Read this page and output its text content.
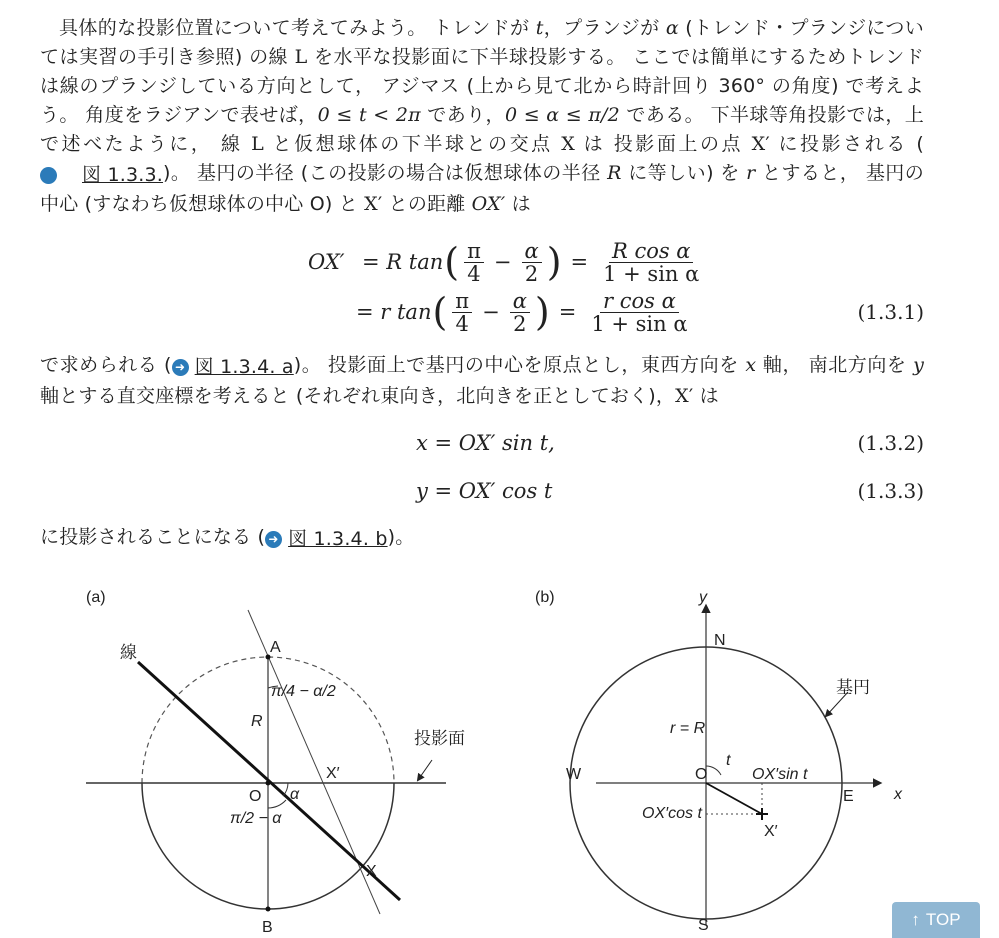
具体的な投影位置について考えてみよう。 トレンドが t，プランジが α (トレンド・プランジについては実習の手引き参照) の線 L を水平な投影面に下半球投影する。 ここでは簡単にするためトレンドは線のプランジしている方向として， アジマス (上から見て北から時計回り 360° の角度) で考えよう。 角度をラジアンで表せば，0 ≤ t < 2π であり，0 ≤ α ≤ π/2 である。 下半球等角投影では，上で述べたように， 線 L と仮想球体の下半球との交点 X は 投影面上の点 X′ に投影される (
➜ 図 1.3.3. )。 基円の半径 (この投影の場合は仮想球体の半径 R に等しい) を r とすると， 基円の中心 (すなわち仮想球体の中心 O) と X′ との距離 OX′ は

OX′ = R tan ( $\frac{\pi}{4} - \frac{\alpha}{2}$ ) = $\frac{\text{R cos α}}{\text{1 + sin α}}$
= r tan ( $\frac{\pi}{4} - \frac{\alpha}{2}$ ) = $\frac{\text{r cos α}}{\text{1 + sin α}}$	(1.3.1)

で求められる ( ➜ 図 1.3.4. a )。 投影面上で基円の中心を原点とし，東西方向を x 軸， 南北方向を y 軸とする直交座標を考えると (それぞれ東向き，北向きを正としておく)，X′ は

x = OX′ sin t,	(1.3.2)
y = OX′ cos t	(1.3.3)

に投影されることになる ( ➜ 図 1.3.4. b )。

(a)
線	A
B
O
X
X′
R
π/4 − α/2
α
π/2 − α
投影面
(b)	y
x
N
S
E
W	O
t
r = R
OX′sin t
OX′cos t
X′
基円
↑ TOP
